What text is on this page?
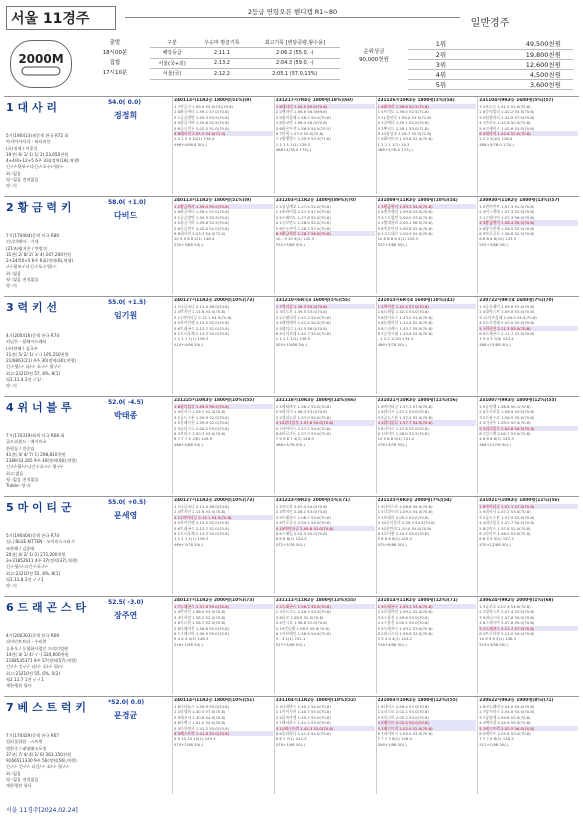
서울 11경주	2등급 연령오픈 핸디캡 R1~80
일반경주
2000M
출발
18시00분
집합
17시10분
구분	우승마 평균기록	최고기록 [변담중량,왕수용]
해당등급	2:11.1	2:06.2 (55.0, -)
서울(국+외)	2:13.2	2:04.3 (59.0, -)
서울(국)	2:12.2	2:05.1 (57.0,13%)
순위상금
90,000천원
1위	49,500천원
2위	19,800천원
3위	12,600천원
4위	4,500천원
5위	3,600천원
1 대 사 리	54.0( 0.0)
정정희
5기(190413)제갈색 한국 R72 회
아지아자자지 - 뷰티미안
(포)정세 / 이종석
19전( 6/ 1/ 1/ 1/ 2) 23,650천원
4+4/4+12+5 6주 3회(정역(18),역행)
긴-/-/-뒷보-/-다긴-/-포-/-/-뒷/-/-
최-:없음
평-:없음 전적없음
망-:사
240113서11R2등 1800평(51%)(9)
1 7마공고 1.59.0 55.0(74)(70.6)
2 8좌공력터 1.59.1 57.0(70.8)
3 1공공밭변 1.59.3 53.5(70.8)
4 5위공기바 1.59.8 52.5(70.8)
5 6공공전우 2.02.0 51.0(70.8)
6 8대사리 2.03.3 54.0(72.0)
2 2 2 5 9 10(1) 138.4
496+4/98.8 50(-)
231217서7R4등 1800평(18%)(60)
1 6대사리 1.54.5 55.0(70.8)
2 2랜파이 1.56.6 56.5(69.8)
3 5팁이블대 1.56.2 54.0(70.8)
4 8통교번 1.56.4 56.0(70.8)
5 6좌콘무작 1.56.9 54.5(70.5)
6 7만력 1.57.0 55.0(70.8)
7 4범행범스 1.59.9 53.5(71.8)
1 1 1 1 1(1) 139.3
488+4/78.0 172(-)
231126서10R3등 1800평(1%)(54)
1 6대사리 1.58.6 52.5(70.8)
2 5트리드 1.59.0 52.5(71.8)
3 11청년무 1.59.0 53.5(71.8)
4 7궁에다 1.59.1 52.0(70.8)
5 2뿌크드 1.59.1 53.0(71.8)
6 10청성교 1.59.7 55.0(71.8)
7 5화이트크 1.59.8 52.0(70.8)
1 1 1 1 1(1) 14.3
488+3/78.0 172(-)
231104서9R3등 1600평(5%)(57)
1 4조드드 1.41.0 51.0(70.8)
2 8동리빌리 1.42.2 53.5(70.8)
3 5팁퀼러리 1.42.5 57.0(70.8)
4 7마코도 1.42.6 50.5(70.8)
5 9고레이스 1.42.6 53.0(70.8)
6 4대사리 1.42.8 52.0(70.8)
2 2 2 3(10) 136.4
488+3/78.0 172(-)
2 황 금 력 키	58.0( +1.0)
다비드
7기(170404)갈색 미국 R80
인디미베어 - 기세
(21조)왕지은 / 반랑전
31전( 2/ 8/ 2/ 3/ 4) 247,200천원
2+24/50+5 6주 6회(정역(6),역행)
-/-/-뒷보-/-다긴-/-포-/-뒷/-/-
최-:없음
평-:없음 전적없음
망-:사
240113서11R2등 1800평(51%)(9)
1 2황금력키 1.59.0 55.0(70.8)
2 6좌공력터 1.59.1 57.0(70.8)
3 1공공밭변 1.59.3 53.5(70.8)
4 5위공기바 1.59.8 52.5(70.8)
5 6공공전우 2.02.0 51.0(70.8)
6 8대사리 2.03.3 54.0(72.0)
10 9 9 8 8 2(1) 148.4
532+3/88 50(-)
231203서11R2등 1400평(89%)(70)
1 2상상계포 1.27.4 52.0(70.8)
2 4조커이빌 1.27.5 57.0(70.8)
3 5스페이드 1.27.8 55.5(70.8)
4 1유로만드 1.28.0 52.0(70.8)
5 6손도카이 1.28.1 57.0(70.8)
6 3황금력키 1.28.7 56.0(70.8)
10 - 9 10 9(1) 142.3
532+3/88 50(-)
231009서11R3등 1800평(10%)(54)
1 3황금력키 1.59.3 54.0(70.8)
2 5캣츠켈리 1.59.8 53.5(70.8)
3 4스드링턴 2.00.0 53.0(70.8)
4 1엘내관리 2.00.1 56.5(70.8)
5 6빅브이터 2.00.8 52.0(70.8)
6 2고드대로 2.00.9 52.0(70.8)
10 8 8 8 6 4(1) 143.4
532+3/88 50(-)
230930서11R2등 1800평(13%)(57)
1 2퀸이반트 1.57.3 51.0(70.8)
2 4어스덴테 1.57.3 52.0(70.8)
3 1그레시아 1.57.3 56.0(70.8)
4 3황금력키 1.58.4 55.5(70.8)
5 6당기만세 1.58.5 53.0(70.8)
6 5아로공포 1.58.6 52.5(70.8)
8 6 6 6 6(10) 143.3
532+3/88 50(-)
3 력 키 선	55.0( +1.5)
임기원
4기(200416)갈색 한국 R74
커널론 - 월레이드레티
(주)만해 / 김국주
11전( 5/ 2/ 1/ -/ -) 195,250천원
21/6861(21) 4주 30(정역(30),역행)
긴-/-뒷/-/- 다/-/- 포-/-/- 뒷-/-/-
최고:23210전 57, 8%, 8(1)
평2.11.4 2전 -/ 1/ -
망-:사
240127서11R2등 2000평(10%)(73)
1 7나곰소나 2.11.4 58.0(70.8)
2 4박키인 2.11.6 53.5(70.8)
3 11마이티군 2.12.1 54.5(70.8)
4 5사이언랜 2.12.2 52.0(70.8)
5 6트래곤스 2.12.7 52.0(70.8)
6 1트로포체 2.13.3 55.0(70.8)
1 1 1 1 1(1) 136.3
510+4/98 50(-)
231210서6R국3 1600평(5%)(55)
1 7력키선 1.39.3 55.5(70.8)
2 3리드자 1.39.5 53.0(70.8)
3 2우월리리 1.41.2 52.0(70.8)
4 4에틱레어 1.41.4 54.5(70.8)
5 5대미디 1.41.5 56.0(70.8)
6 4유키르데 1.41.7 55.0(70.8)
1 1 1 1 1(1) 136.5
504+15/88 50(-)
231015서6R국4 1600평(10%)(41)
1 2력키선 1.42.4 57.0(70.8)
2 6드레임 1.42.5 53.0(70.8)
3 8선더포스 1.43.0 51.0(70.8)
4 8뉴엘이선 1.43.4 52.0(70.8)
5 6스크레스 1.43.7 55.0(70.8)
6 7공정시대 1.43.8 52.0(70.8)
- 1 2 2 1(10) 134.3
486+3/78 50(-)
230722서9R국4 1600평(7%)(70)
1 3공포레이 2.09.0 57.0(70.8)
2 4대학스트 2.09.0 53.0(70.8)
3 11다즈블래 2.09.0 54.0(70.8)
4 2드리밍래 2.10.0 52.0(70.8)
5 1력키선 2.11.3 55.0(70.8)
6 9드레곤스 2.11.7 57.0(70.8)
3 3 4 3 7(6) 133.4
486+15/88 50(-)
4 위 너 블 루	52.0( -4.5)
박태종
7기(170319)회색 미국 R68 회
골드피센드 - 메시이츠
한원돌 / 전순임
41전( 4/ 4/ 7/ 1) 298,810천원
1389/33,265 9주 40(정역(40),역행)
긴-/-/-뒷/-/-다긴-/-포-/-/- 뒷-/-/-
최고:없음
평-:없음 전적없음
Trable: 망-사
231225서10R3등 1800평(10%)(55)
1 6위너블루 1.59.5 56.5(70.8)
2 9위키시 1.59.7 52.0(70.8)
3 1골드스톤 1.59.9 52.0(70.8)
4 5큐레이션 1.59.9 52.0(70.8)
5 3유리그드 2.00.2 53.0(70.8)
6 2보리스 2.00.3 53.0(70.8)
8 7 7 7 5 1(8) 149.9
486+4/88 50(-)
231118서10R3등 1800평(14%)(66)
1 5세네바우 1.56.2 55.0(70.8)
2 9위키시 1.56.3 53.0(70.8)
3 2셀퍼드리 1.57.0 52.0(70.8)
4 10위너블루 1.57.6 54.0(70.8)
5 7파이어스 1.57.1 54.0(70.8)
6 8아로가든 1.57.3 53.0(70.8)
7 9 9 8 7 4(1) 148.9
486+3/78 50(-)
231021서10R3등 1800평(11%)(56)
1 6마이티군 1.57.1 57.0(70.8)
2 9위키시 1.57.2 53.0(70.8)
3 2골드스톤 1.57.5 52.0(70.8)
4 4위너블루 1.57.7 54.5(70.8)
5 8나이스 1.57.8 52.0(70.8)
6 1라이트 1.58.0 53.5(70.8)
10 9 8 8 9(1) 151.0
478+3/78 50(-)
231007서9R3등 1800평(12%)(55)
1 9골이벨 1.58.8 50.1(70.8)
2 6루키보물 1.58.9 53.0(70.8)
3 2드뷰스크 1.58.9 55.0(70.8)
4 2미국투 1.59.0 50.5(70.8)
5 3위너블루 2.00.6 54.5(70.8)
6 1킹스맨 2.00.7 53.0(70.8)
4 6 6 6 6(1) 145.3
486+12/78 50(-)
5 마 이 티 군	55.0( +0.5)
문세영
5기(190404)갈색 한국 R74
실니 BLUE KITTEN - 모아미스크리시
조한해 / 김종래
20전( 4/ 2/ 1/ 2) 272,200천원
3+31852611 4주 37(정역(37),역행)
긴-/-뒷/-/-다긴-/-포-/-/-
최고:23210전 55, 8%, 8(1)
평2.11.8 2전 -/ -/ 1
망-:사
240127서11R2등 2000평(10%)(73)
1 7나곰소나 2.11.4 58.0(70.8)
2 4박키인 2.11.6 53.5(70.8)
3 11마이티군 2.12.1 54.5(70.8)
4 5사이언랜 2.12.2 52.0(70.8)
5 6트래곤스 2.12.7 52.0(70.8)
6 1트로포체 2.13.3 55.0(70.8)
1 1 1 1 1(1) 136.3
469+3/78 50(-)
231223서9R2등 2000평(5%)(71)
1 5코드브 2.07.4 54.0(70.8)
2 4박키인 2.08.1 53.0(70.8)
3 5트래곤스 2.08.7 53.0(70.8)
4 4미로공유 2.09.1 54.0(70.8)
5 10마이티군 2.09.8 52.0(70.8)
6 6스페일 2.10.5 55.0(70.8)
8 8 8 8(1) 144.3
472+3/78 50(-)
231125서8R3등 2000평(7%)(54)
1 9나이스포 2.08.6 55.5(70.8)
2 5디큐트리 2.09.0 54.0(70.8)
3 1브래리 2.09.2 53.0(70.8)
4 10루키플리 2.09.4 54.5(70.8)
5 10분탄위 2.10.0 55.0(70.8)
6 3로이퀸 2.10.2 55.0(70.8)
5 6 6 6 6(1) 145.2
475+6/88 50(-)
231021서10R3등 1800평(11%)(56)
1 6마이티군 1.57.1 57.0(70.8)
2 9위키시 1.57.2 53.0(70.8)
3 2골드스톤 1.57.5 52.0(70.8)
4 4위너블루 1.57.7 54.5(70.8)
5 8나이스 1.57.8 52.0(70.8)
6 1라이트 1.58.0 53.5(70.8)
6 6 5 5 5(1) 147.3
470+12/88 50(-)
6 드 래 곤 스 타	52.5( -3.0)
장주연
4기(200303)갈색 한국 R69
퍼머넌트브라 - 수리봉
승용오 / 농협화사업인 프리미엄랜
14전( 4/ 1/ 4/ -/ -) 324,600천원
1168535371 8주 57(정역(57),역행)
긴-/-/- 긴-/-/- 다/-/- 포/-/- 뒷/-/-
최고:23210전 55, 6%, 5(2)
평2.11.7 1전 -/ -/ 1
계한행관 항사
240127서11R2등 2000평(10%)(73)
1 7드래곤스 1.57.6 55.0(70.8)
2 4박키인 1.58.0 53.5(70.8)
3 3다서장 1.58.2 52.0(70.8)
4 6지드원 1.58.7 52.0(70.8)
5 8다래이온 1.58.8 52.0(70.8)
6 1그레시아 1.58.9 55.0(70.8)
5 4 4 4 4(1) 146.3
516+1/98 50(-)
231111서11R2등 1800평(13%)(55)
1 2드래곤스 1.56.2 55.5(70.8)
2 3지드고노 1.56.3 53.0(70.8)
3 6티모 1.56.5 52.0(70.8)
4 4인시요 1.56.8 52.0(70.8)
5 10민들레 1.56.9 55.0(70.8)
6 7서브레인 1.56.9 54.0(70.8)
3 - 3 1(1) 151.1
517+3/98 50(-)
231014서11R2등 1800평(12%)(71)
1 9드래곤스 1.59.1 53.0(70.8)
2 3로열마린 1.59.2 52.0(70.8)
3 4스톰진 1.59.6 53.0(70.8)
4 1스톰진 2.00.1 55.0(70.8)
5 5드레곤스 1.59.2 53.0(70.8)
6 2위너스타 1.59.6 53.0(70.8)
3 3 4 4 4(1) 144.2
516+4/98 50(-)
230624서9R2등 2000평(1%)(68)
1 3골로로 2.07.4 54.0(70.8)
2 7대학스트 2.07.4 53.0(70.8)
3 9위너스타 2.07.6 55.0(70.8)
4 8그레시아 2.07.8 55.0(70.8)
5 2드래곤스 2.11.7 57.0(70.8)
6 4트로리뷰 2.12.0 54.0(70.8)
10 9 9 9 9(1) 146.3
519+3/98 50(-)
7 베 스 트 럭 키	*52.0( 0.0)
문경균
7기(170429)갈색 한국 R67
컬러풀위원 - 스트럭
범한중 / 태영해소포정
37전( 7/ 4/ 4/ 1/ 6) 263,150천원
9166511330 9주 56(정역(56),역행)
긴-/-/- 긴-/-/- 다긴/-/- 포/-/- 뒷-/-/-
최-:없음
평-:없음 전적없음
계한행관 항사
240114서11R2등 1800평(10%)(51)
1 8나타뉴스 1.49.9 55.0(70.8)
2 2라헬하 1.40.3 57.0(70.8)
3 9에코닉 1.40.8 54.0(70.8)
4 8다렌그 1.41.0 54.0(70.8)
5 3다큐센츠 1.41.2 53.0(70.8)
6 5베스트럭 1.41.6 52.0(70.8)
5 9 10 10 10(1) 145.4
470+1/98 50(-)
231104서11R2등 1800평(10%)(52)
1 3나내마스 1.40.2 54.0(70.8)
2 1아이지서 1.40.7 55.0(70.8)
3 4블록마켓 1.40.7 53.0(70.8)
4 7메타라스 1.41.2 53.0(70.8)
5 11베스트럭 1.41.3 53.0(70.8)
6 8물리바다 1.41.5 54.0(70.8)
6 6 7 7(1) 142.3
478+1/98 50(-)
231003서10R2등 1800평(12%)(55)
1 6나이스 1.59.4 57.0(70.8)
2 2코스모 2.02.1 53.0(70.8)
3 3리고브 2.02.2 53.0(70.8)
4 5베스트 2.02.5 55.0(70.8)
5 1베스트럭 2.02.9 52.0(70.8)
6 7파이어스 2.03.0 53.0(70.8)
7 7 7 7 6(1) 146.9
506+1/98 50(-)
230622서9R3등 1900평(8%)(71)
1 6코드해비 2.04.0 55.0(70.8)
2 7당시라스 2.04.6 53.0(70.8)
3 7상관계 2.04.8 52.0(70.8)
4 2백미경 2.04.9 55.0(70.8)
5 1베스트럭 2.05.5 56.0(70.8)
6 5에이트 2.05.8 53.0(70.8)
7 7 7 8 8(1) 148.3
511+1/98 50(-)
서울 11경주[2024.02.24]
